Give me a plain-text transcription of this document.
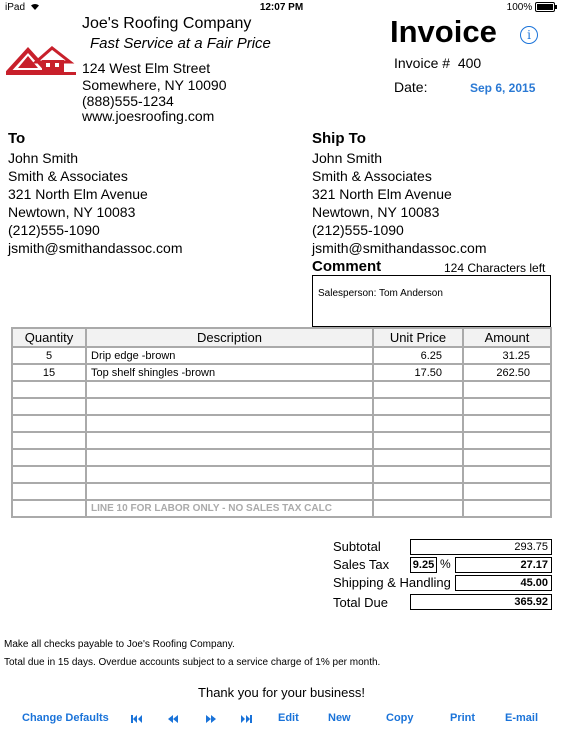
iPad	12:07 PM	100%
Joe's Roofing Company
Fast Service at a Fair Price
124 West Elm Street
Somewhere, NY 10090
(888)555-1234
www.joesroofing.com
Invoice	i
Invoice # 400
Date:	Sep 6, 2015
To
John Smith
Smith & Associates
321 North Elm Avenue
Newtown, NY 10083
(212)555-1090
jsmith@smithandassoc.com
Ship To
John Smith
Smith & Associates
321 North Elm Avenue
Newtown, NY 10083
(212)555-1090
jsmith@smithandassoc.com
Comment	124 Characters left
Salesperson: Tom Anderson
Quantity	Description	Unit Price	Amount
5	Drip edge -brown	6.25	31.25
15	Top shelf shingles -brown	17.50	262.50

	LINE 10 FOR LABOR ONLY - NO SALES TAX CALC		
Subtotal	293.75
Sales Tax 9.25 %	27.17
Shipping & Handling	45.00
Total Due	365.92
Make all checks payable to Joe's Roofing Company.
Total due in 15 days. Overdue accounts subject to a service charge of 1% per month.
Thank you for your business!
Change Defaults	Edit	New	Copy	Print	E-mail
